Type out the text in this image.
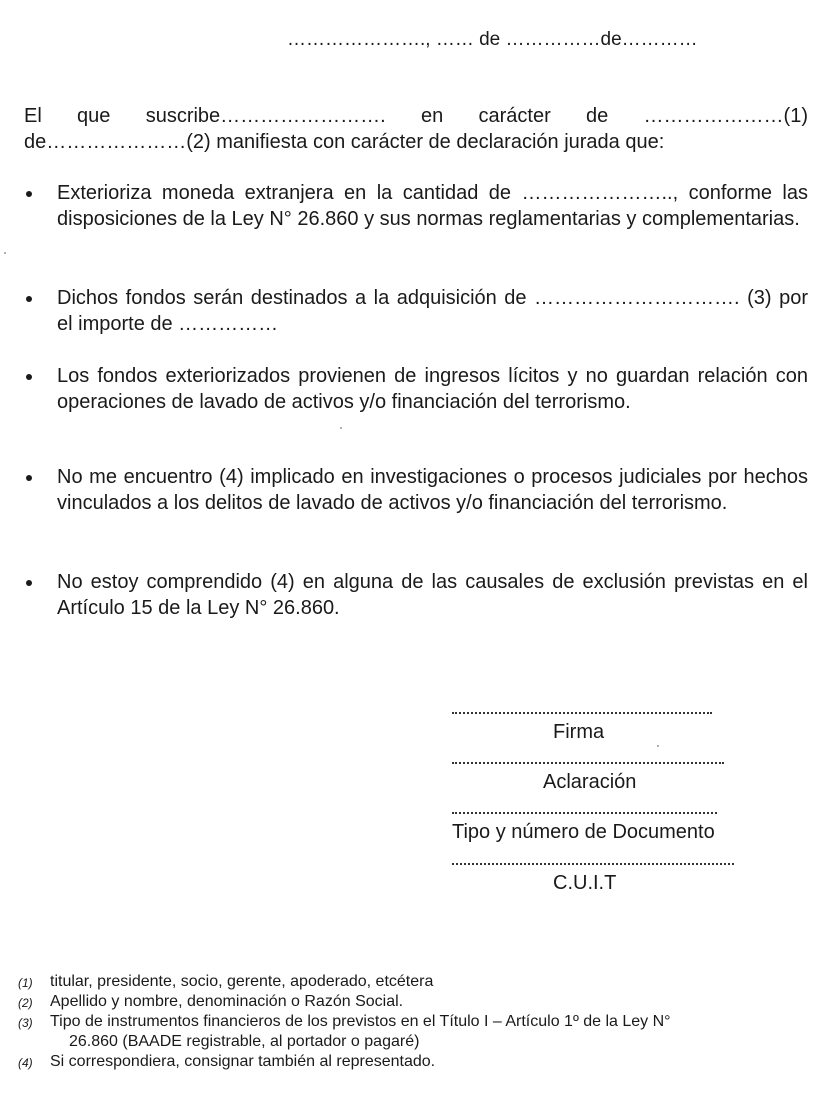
…………………., …… de ……………de…………
El que suscribe……………………. en carácter de …………………(1)
de…………………(2) manifiesta con carácter de declaración jurada que:
Exterioriza moneda extranjera en la cantidad de ………………….., conforme las disposiciones de la Ley N° 26.860 y sus normas reglamentarias y complementarias.
Dichos fondos serán destinados a la adquisición de …………………………. (3) por el importe de ……………
Los fondos exteriorizados provienen de ingresos lícitos y no guardan relación con operaciones de lavado de activos y/o financiación del terrorismo.
No me encuentro (4) implicado en investigaciones o procesos judiciales por hechos vinculados a los delitos de lavado de activos y/o financiación del terrorismo.
No estoy comprendido (4) en alguna de las causales de exclusión previstas en el Artículo 15 de la Ley N° 26.860.
Firma
Aclaración
Tipo y número de Documento
C.U.I.T
(1) titular, presidente, socio, gerente, apoderado, etcétera
(2) Apellido y nombre, denominación o Razón Social.
(3) Tipo de instrumentos financieros de los previstos en el Título I – Artículo 1º de la Ley N°
26.860 (BAADE registrable, al portador o pagaré)
(4) Si correspondiera, consignar también al representado.
